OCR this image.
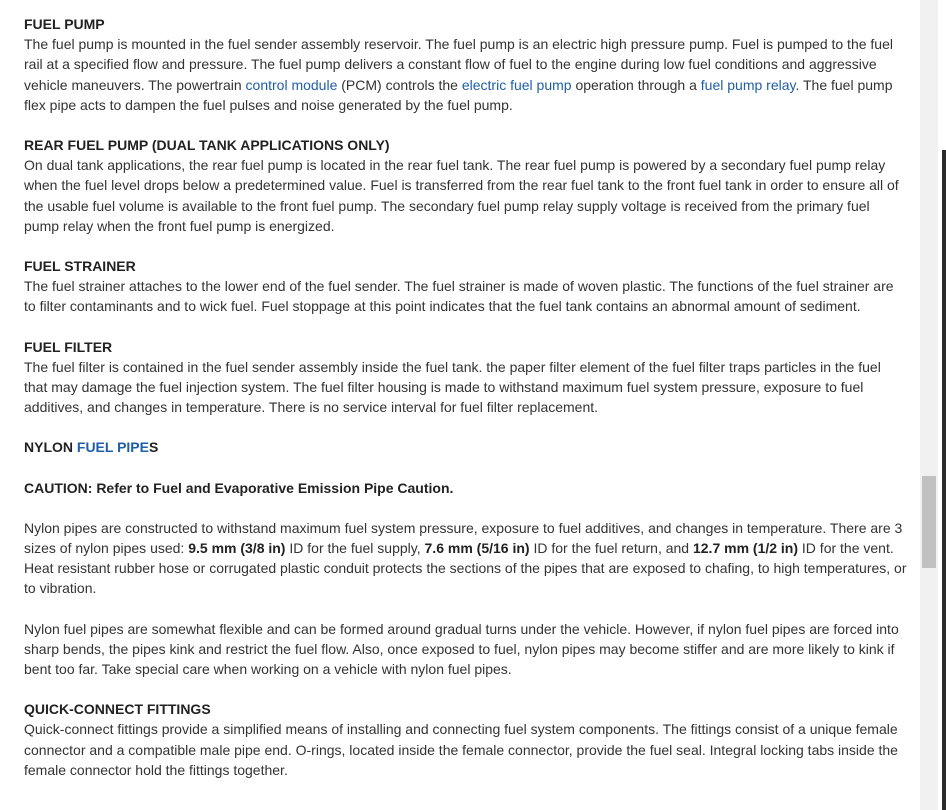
FUEL PUMP
The fuel pump is mounted in the fuel sender assembly reservoir. The fuel pump is an electric high pressure pump. Fuel is pumped to the fuel rail at a specified flow and pressure. The fuel pump delivers a constant flow of fuel to the engine during low fuel conditions and aggressive vehicle maneuvers. The powertrain control module (PCM) controls the electric fuel pump operation through a fuel pump relay. The fuel pump flex pipe acts to dampen the fuel pulses and noise generated by the fuel pump.
REAR FUEL PUMP (DUAL TANK APPLICATIONS ONLY)
On dual tank applications, the rear fuel pump is located in the rear fuel tank. The rear fuel pump is powered by a secondary fuel pump relay when the fuel level drops below a predetermined value. Fuel is transferred from the rear fuel tank to the front fuel tank in order to ensure all of the usable fuel volume is available to the front fuel pump. The secondary fuel pump relay supply voltage is received from the primary fuel pump relay when the front fuel pump is energized.
FUEL STRAINER
The fuel strainer attaches to the lower end of the fuel sender. The fuel strainer is made of woven plastic. The functions of the fuel strainer are to filter contaminants and to wick fuel. Fuel stoppage at this point indicates that the fuel tank contains an abnormal amount of sediment.
FUEL FILTER
The fuel filter is contained in the fuel sender assembly inside the fuel tank. the paper filter element of the fuel filter traps particles in the fuel that may damage the fuel injection system. The fuel filter housing is made to withstand maximum fuel system pressure, exposure to fuel additives, and changes in temperature. There is no service interval for fuel filter replacement.
NYLON FUEL PIPES
CAUTION: Refer to Fuel and Evaporative Emission Pipe Caution.
Nylon pipes are constructed to withstand maximum fuel system pressure, exposure to fuel additives, and changes in temperature. There are 3 sizes of nylon pipes used: 9.5 mm (3/8 in) ID for the fuel supply, 7.6 mm (5/16 in) ID for the fuel return, and 12.7 mm (1/2 in) ID for the vent. Heat resistant rubber hose or corrugated plastic conduit protects the sections of the pipes that are exposed to chafing, to high temperatures, or to vibration.
Nylon fuel pipes are somewhat flexible and can be formed around gradual turns under the vehicle. However, if nylon fuel pipes are forced into sharp bends, the pipes kink and restrict the fuel flow. Also, once exposed to fuel, nylon pipes may become stiffer and are more likely to kink if bent too far. Take special care when working on a vehicle with nylon fuel pipes.
QUICK-CONNECT FITTINGS
Quick-connect fittings provide a simplified means of installing and connecting fuel system components. The fittings consist of a unique female connector and a compatible male pipe end. O-rings, located inside the female connector, provide the fuel seal. Integral locking tabs inside the female connector hold the fittings together.
